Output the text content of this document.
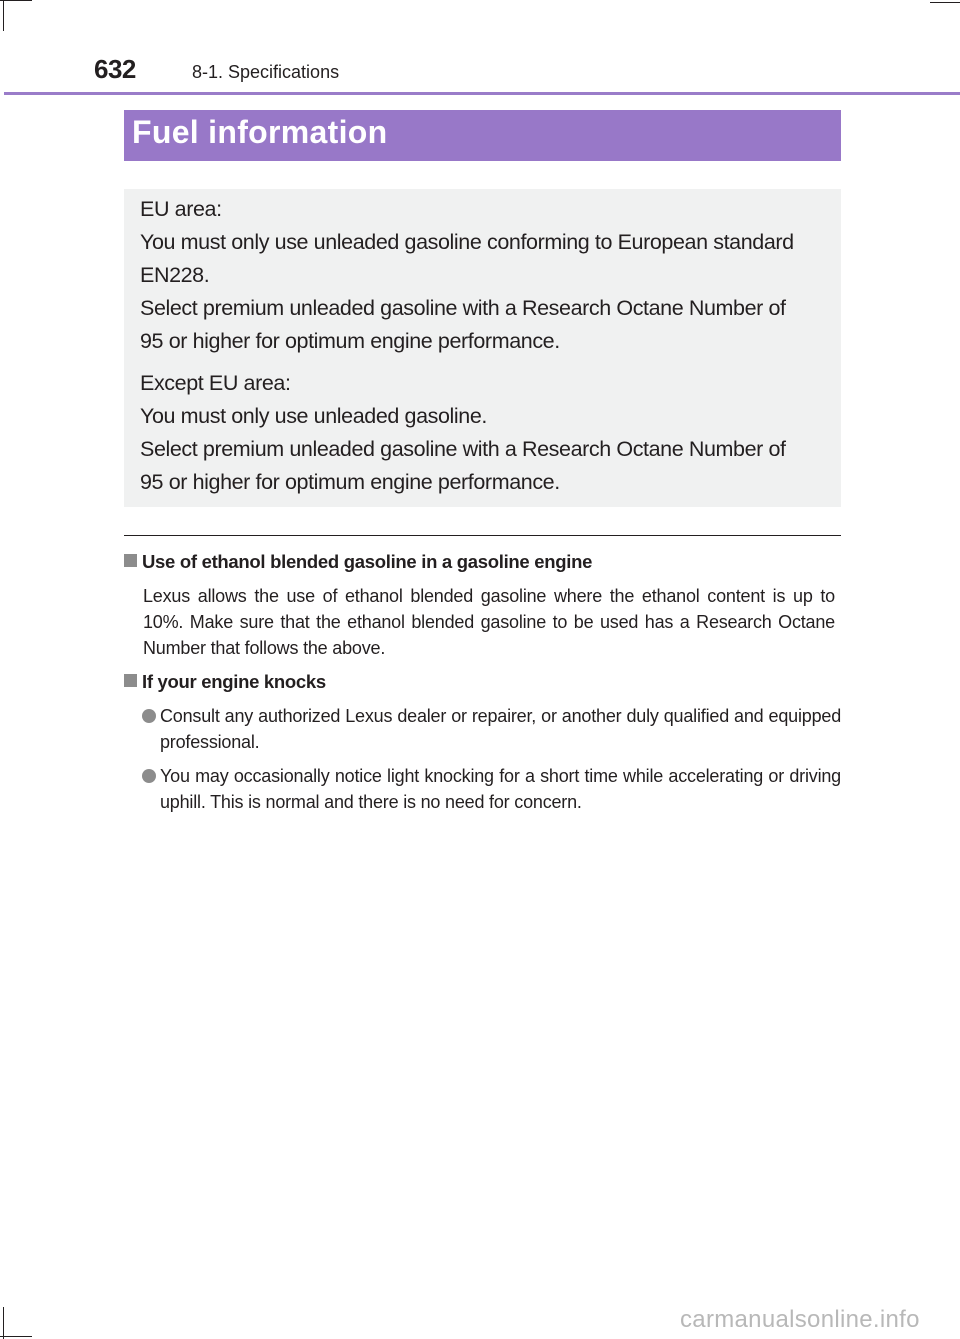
632	8-1. Specifications
Fuel information

EU area:

You must only use unleaded gasoline conforming to European standard

EN228.

Select premium unleaded gasoline with a Research Octane Number of

95 or higher for optimum engine performance.

Except EU area:

You must only use unleaded gasoline.

Select premium unleaded gasoline with a Research Octane Number of

95 or higher for optimum engine performance.

Use of ethanol blended gasoline in a gasoline engine
Lexus allows the use of ethanol blended gasoline where the ethanol content is up to 10%. Make sure that the ethanol blended gasoline to be used has a Research Octane Number that follows the above.
If your engine knocks
Consult any authorized Lexus dealer or repairer, or another duly qualified and equipped professional.
You may occasionally notice light knocking for a short time while accelerating or driving uphill. This is normal and there is no need for concern.
carmanualsonline.info
